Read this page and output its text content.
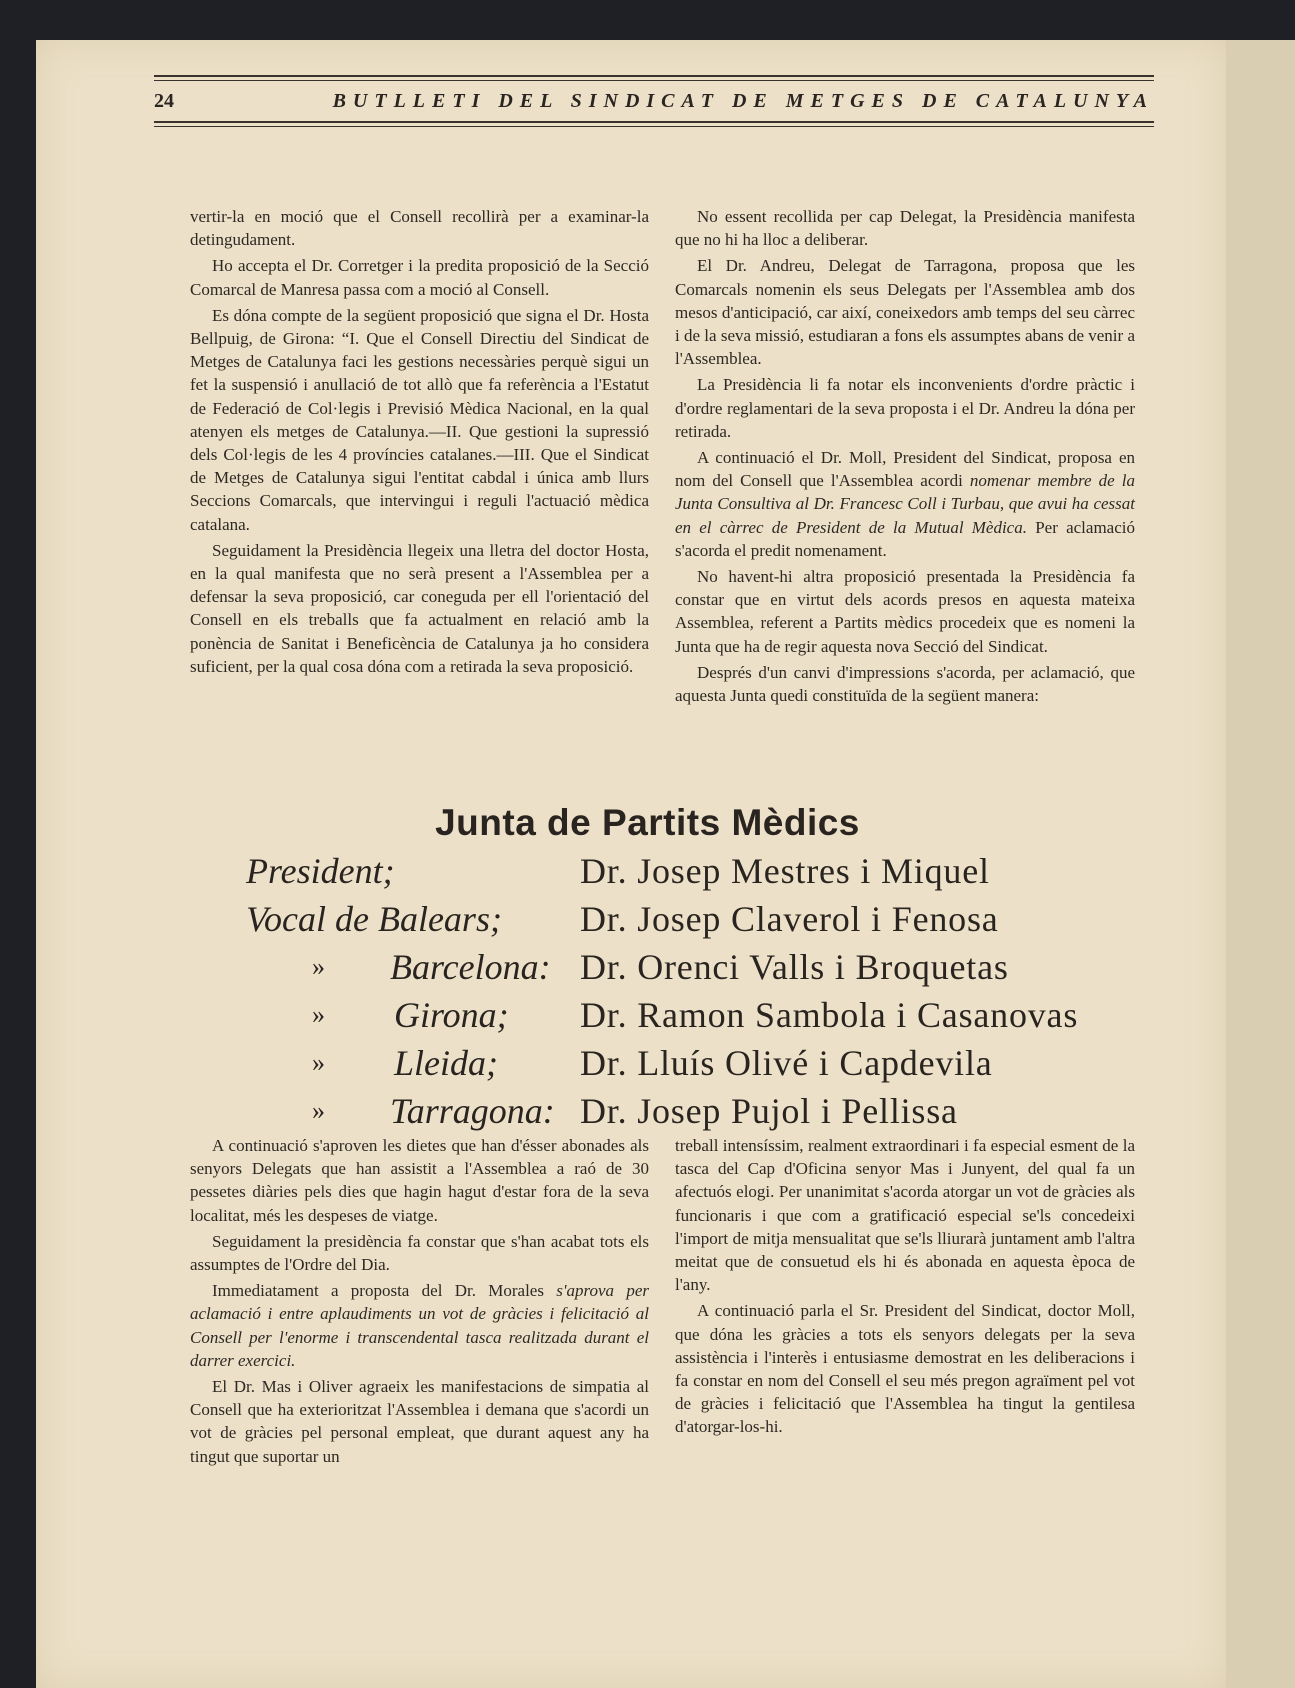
24	BUTLLETI DEL SINDICAT DE METGES DE CATALUNYA

vertir-la en moció que el Consell recollirà per a examinar-la detingudament.

Ho accepta el Dr. Corretger i la predita proposició de la Secció Comarcal de Manresa passa com a moció al Consell.

Es dóna compte de la següent proposició que signa el Dr. Hosta Bellpuig, de Girona: “I. Que el Consell Directiu del Sindicat de Metges de Catalunya faci les gestions necessàries perquè sigui un fet la suspensió i anullació de tot allò que fa referència a l'Estatut de Federació de Col·legis i Previsió Mèdica Nacional, en la qual atenyen els metges de Catalunya.—II. Que gestioni la supressió dels Col·legis de les 4 províncies catalanes.—III. Que el Sindicat de Metges de Catalunya sigui l'entitat cabdal i única amb llurs Seccions Comarcals, que intervingui i reguli l'actuació mèdica catalana.

Seguidament la Presidència llegeix una lletra del doctor Hosta, en la qual manifesta que no serà present a l'Assemblea per a defensar la seva proposició, car coneguda per ell l'orientació del Consell en els treballs que fa actualment en relació amb la ponència de Sanitat i Beneficència de Catalunya ja ho considera suficient, per la qual cosa dóna com a retirada la seva proposició.

No essent recollida per cap Delegat, la Presidència manifesta que no hi ha lloc a deliberar.

El Dr. Andreu, Delegat de Tarragona, proposa que les Comarcals nomenin els seus Delegats per l'Assemblea amb dos mesos d'anticipació, car així, coneixedors amb temps del seu càrrec i de la seva missió, estudiaran a fons els assumptes abans de venir a l'Assemblea.

La Presidència li fa notar els inconvenients d'ordre pràctic i d'ordre reglamentari de la seva proposta i el Dr. Andreu la dóna per retirada.

A continuació el Dr. Moll, President del Sindicat, proposa en nom del Consell que l'Assemblea acordi nomenar membre de la Junta Consultiva al Dr. Francesc Coll i Turbau, que avui ha cessat en el càrrec de President de la Mutual Mèdica. Per aclamació s'acorda el predit nomenament.

No havent-hi altra proposició presentada la Presidència fa constar que en virtut dels acords presos en aquesta mateixa Assemblea, referent a Partits mèdics procedeix que es nomeni la Junta que ha de regir aquesta nova Secció del Sindicat.

Després d'un canvi d'impressions s'acorda, per aclamació, que aquesta Junta quedi constituïda de la següent manera:

Junta de Partits Mèdics
President;	Dr. Josep Mestres i Miquel
Vocal de Balears; Dr. Josep Claverol i Fenosa
» Barcelona: Dr. Orenci Valls i Broquetas
» Girona; Dr. Ramon Sambola i Casanovas
» Lleida; Dr. Lluís Olivé i Capdevila
» Tarragona: Dr. Josep Pujol i Pellissa

A continuació s'aproven les dietes que han d'ésser abonades als senyors Delegats que han assistit a l'Assemblea a raó de 30 pessetes diàries pels dies que hagin hagut d'estar fora de la seva localitat, més les despeses de viatge.

Seguidament la presidència fa constar que s'han acabat tots els assumptes de l'Ordre del Dia.

Immediatament a proposta del Dr. Morales s'aprova per aclamació i entre aplaudiments un vot de gràcies i felicitació al Consell per l'enorme i transcendental tasca realitzada durant el darrer exercici.

El Dr. Mas i Oliver agraeix les manifestacions de simpatia al Consell que ha exterioritzat l'Assemblea i demana que s'acordi un vot de gràcies pel personal empleat, que durant aquest any ha tingut que suportar un

treball intensíssim, realment extraordinari i fa especial esment de la tasca del Cap d'Oficina senyor Mas i Junyent, del qual fa un afectuós elogi. Per unanimitat s'acorda atorgar un vot de gràcies als funcionaris i que com a gratificació especial se'ls concedeixi l'import de mitja mensualitat que se'ls lliurarà juntament amb l'altra meitat que de consuetud els hi és abonada en aquesta època de l'any.

A continuació parla el Sr. President del Sindicat, doctor Moll, que dóna les gràcies a tots els senyors delegats per la seva assistència i l'interès i entusiasme demostrat en les deliberacions i fa constar en nom del Consell el seu més pregon agraïment pel vot de gràcies i felicitació que l'Assemblea ha tingut la gentilesa d'atorgar-los-hi.
